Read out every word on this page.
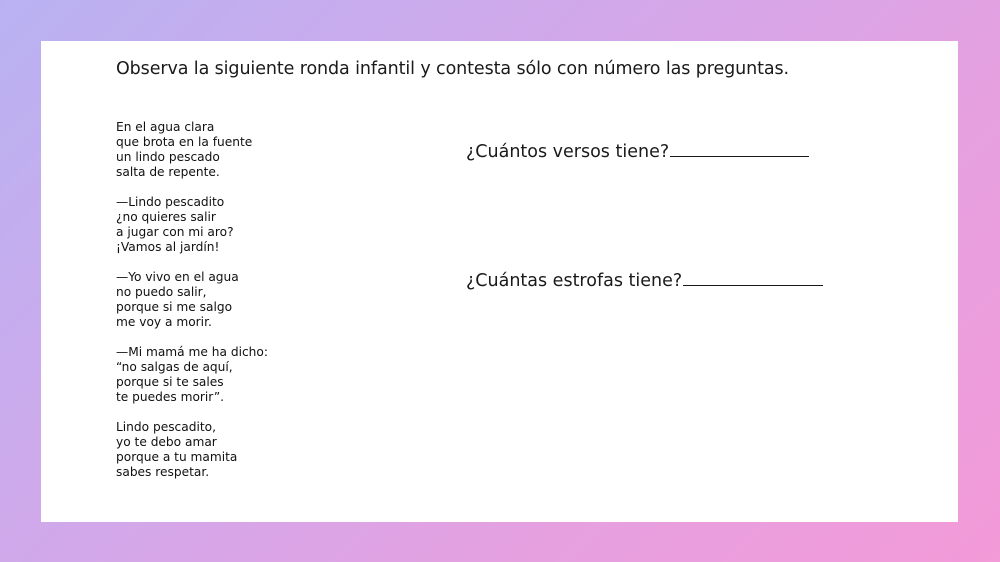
Observa la siguiente ronda infantil y contesta sólo con número las preguntas.
En el agua clara
que brota en la fuente
un lindo pescado
salta de repente.
—Lindo pescadito
¿no quieres salir
a jugar con mi aro?
¡Vamos al jardín!
—Yo vivo en el agua
no puedo salir,
porque si me salgo
me voy a morir.
—Mi mamá me ha dicho:
“no salgas de aquí,
porque si te sales
te puedes morir”.
Lindo pescadito,
yo te debo amar
porque a tu mamita
sabes respetar.
¿Cuántos versos tiene?
¿Cuántas estrofas tiene?
